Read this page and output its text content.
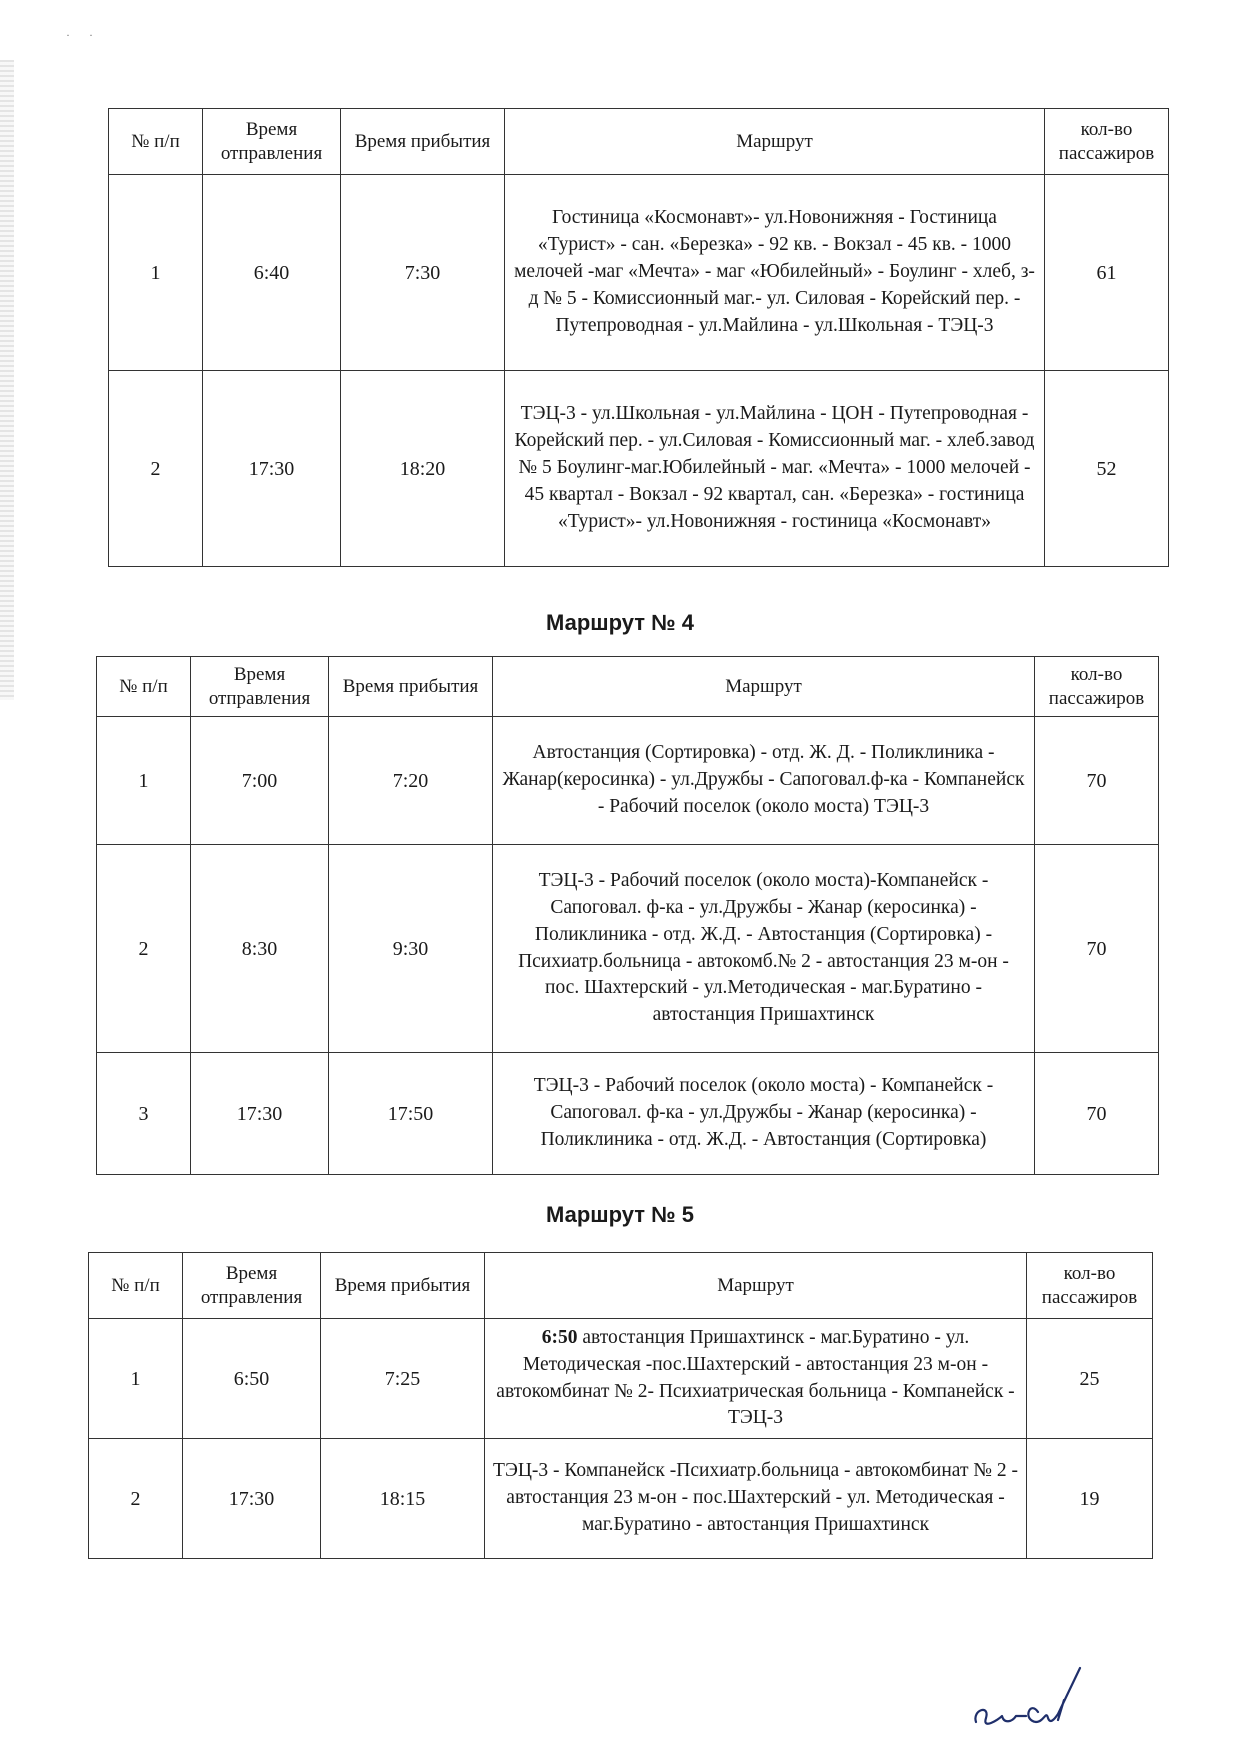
· ·
№ п/п	Время отправления	Время прибытия	Маршрут	кол-во пассажиров
1	6:40	7:30	Гостиница «Космонавт»- ул.Новонижняя - Гостиница «Турист» - сан. «Березка» - 92 кв. - Вокзал - 45 кв. - 1000 мелочей -маг «Мечта» - маг «Юбилейный» - Боулинг - хлеб, з-д № 5 - Комиссионный маг.- ул. Силовая - Корейский пер. - Путепроводная - ул.Майлина - ул.Школьная - ТЭЦ-3	61
2	17:30	18:20	ТЭЦ-3 - ул.Школьная - ул.Майлина - ЦОН - Путепроводная - Корейский пер. - ул.Силовая - Комиссионный маг. - хлеб.завод № 5 Боулинг-маг.Юбилейный - маг. «Мечта» - 1000 мелочей - 45 квартал - Вокзал - 92 квартал, сан. «Березка» - гостиница «Турист»- ул.Новонижняя - гостиница «Космонавт»	52
Маршрут № 4
№ п/п	Время отправления	Время прибытия	Маршрут	кол-во пассажиров
1	7:00	7:20	Автостанция (Сортировка) - отд. Ж. Д. - Поликлиника - Жанар(керосинка) - ул.Дружбы - Сапоговал.ф-ка - Компанейск - Рабочий поселок (около моста) ТЭЦ-3	70
2	8:30	9:30	ТЭЦ-3 - Рабочий поселок (около моста)-Компанейск - Сапоговал. ф-ка - ул.Дружбы - Жанар (керосинка) - Поликлиника - отд. Ж.Д. - Автостанция (Сортировка) - Психиатр.больница - автокомб.№ 2 - автостанция 23 м-он - пос. Шахтерский - ул.Методическая - маг.Буратино - автостанция Пришахтинск	70
3	17:30	17:50	ТЭЦ-3 - Рабочий поселок (около моста) - Компанейск - Сапоговал. ф-ка - ул.Дружбы - Жанар (керосинка) - Поликлиника - отд. Ж.Д. - Автостанция (Сортировка)	70
Маршрут № 5
№ п/п	Время отправления	Время прибытия	Маршрут	кол-во пассажиров
1	6:50	7:25	6:50 автостанция Пришахтинск - маг.Буратино - ул. Методическая -пос.Шахтерский - автостанция 23 м-он - автокомбинат № 2- Психиатрическая больница - Компанейск - ТЭЦ-3	25
2	17:30	18:15	ТЭЦ-3 - Компанейск -Психиатр.больница - автокомбинат № 2 - автостанция 23 м-он - пос.Шахтерский - ул. Методическая - маг.Буратино - автостанция Пришахтинск	19
